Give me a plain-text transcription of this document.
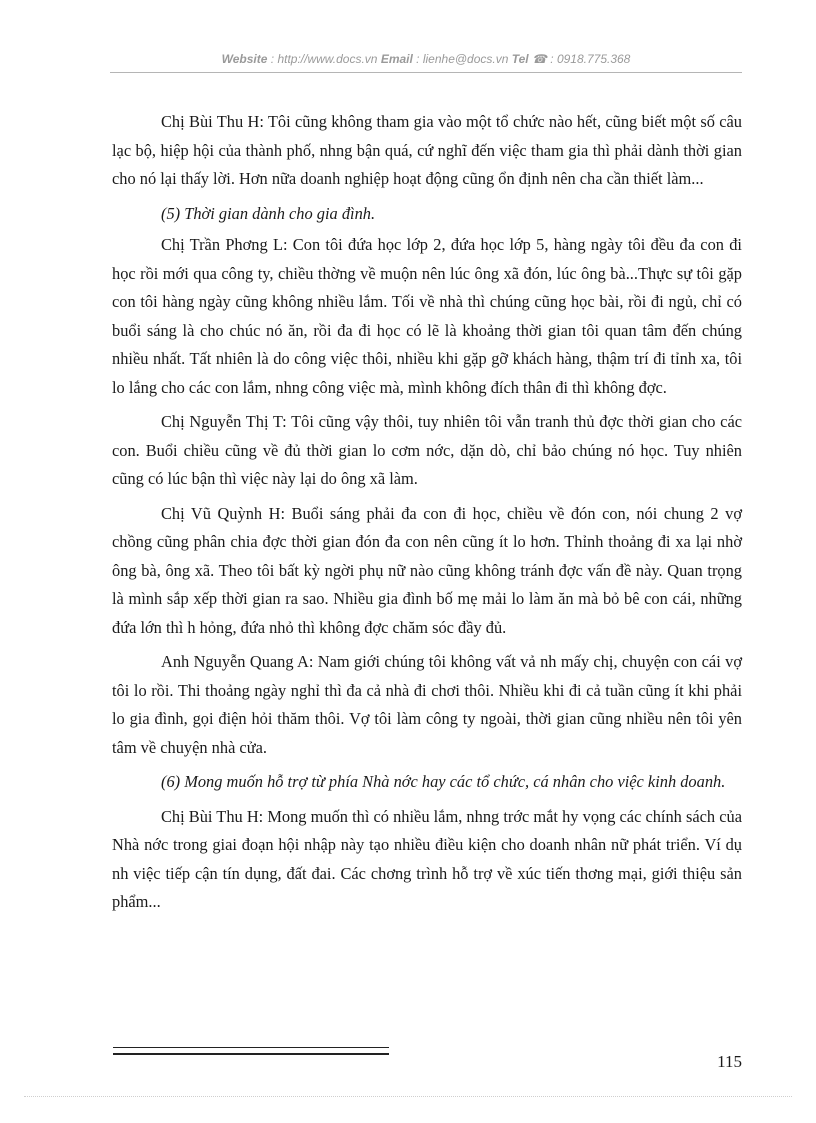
Website : http://www.docs.vn Email : lienhe@docs.vn Tel ☎ : 0918.775.368

Chị Bùi Thu H: Tôi cũng không tham gia vào một tổ chức nào hết, cũng biết một số câu lạc bộ, hiệp hội của thành phố, nhng bận quá, cứ nghĩ đến việc tham gia thì phải dành thời gian cho nó lại thấy lời. Hơn nữa doanh nghiệp hoạt động cũng ổn định nên cha cần thiết làm...

(5) Thời gian dành cho gia đình.

Chị Trần Phơng L: Con tôi đứa học lớp 2, đứa học lớp 5, hàng ngày tôi đều đa con đi học rồi mới qua công ty, chiều thờng về muộn nên lúc ông xã đón, lúc ông bà...Thực sự tôi gặp con tôi hàng ngày cũng không nhiều lắm. Tối về nhà thì chúng cũng học bài, rồi đi ngủ, chỉ có buổi sáng là cho chúc nó ăn, rồi đa đi học có lẽ là khoảng thời gian tôi quan tâm đến chúng nhiều nhất. Tất nhiên là do công việc thôi, nhiều khi gặp gỡ khách hàng, thậm trí đi tỉnh xa, tôi lo lắng cho các con lắm, nhng công việc mà, mình không đích thân đi thì không đợc.

Chị Nguyễn Thị T: Tôi cũng vậy thôi, tuy nhiên tôi vẫn tranh thủ đợc thời gian cho các con. Buổi chiều cũng về đủ thời gian lo cơm nớc, dặn dò, chỉ bảo chúng nó học. Tuy nhiên cũng có lúc bận thì việc này lại do ông xã làm.

Chị Vũ Quỳnh H: Buổi sáng phải đa con đi học, chiều về đón con, nói chung 2 vợ chồng cũng phân chia đợc thời gian đón đa con nên cũng ít lo hơn. Thỉnh thoảng đi xa lại nhờ ông bà, ông xã. Theo tôi bất kỳ ngời phụ nữ nào cũng không tránh đợc vấn đề này. Quan trọng là mình sắp xếp thời gian ra sao. Nhiều gia đình bố mẹ mải lo làm ăn mà bỏ bê con cái, những đứa lớn thì h hỏng, đứa nhỏ thì không đợc chăm sóc đầy đủ.

Anh Nguyễn Quang A: Nam giới chúng tôi không vất vả nh mấy chị, chuyện con cái vợ tôi lo rồi. Thi thoảng ngày nghỉ thì đa cả nhà đi chơi thôi. Nhiều khi đi cả tuần cũng ít khi phải lo gia đình, gọi điện hỏi thăm thôi. Vợ tôi làm công ty ngoài, thời gian cũng nhiều nên tôi yên tâm về chuyện nhà cửa.

(6) Mong muốn hỗ trợ từ phía Nhà nớc hay các tổ chức, cá nhân cho việc kinh doanh.

Chị Bùi Thu H: Mong muốn thì có nhiều lắm, nhng trớc mắt hy vọng các chính sách của Nhà nớc trong giai đoạn hội nhập này tạo nhiều điều kiện cho doanh nhân nữ phát triển. Ví dụ nh việc tiếp cận tín dụng, đất đai. Các chơng trình hỗ trợ về xúc tiến thơng mại, giới thiệu sản phẩm...

115
